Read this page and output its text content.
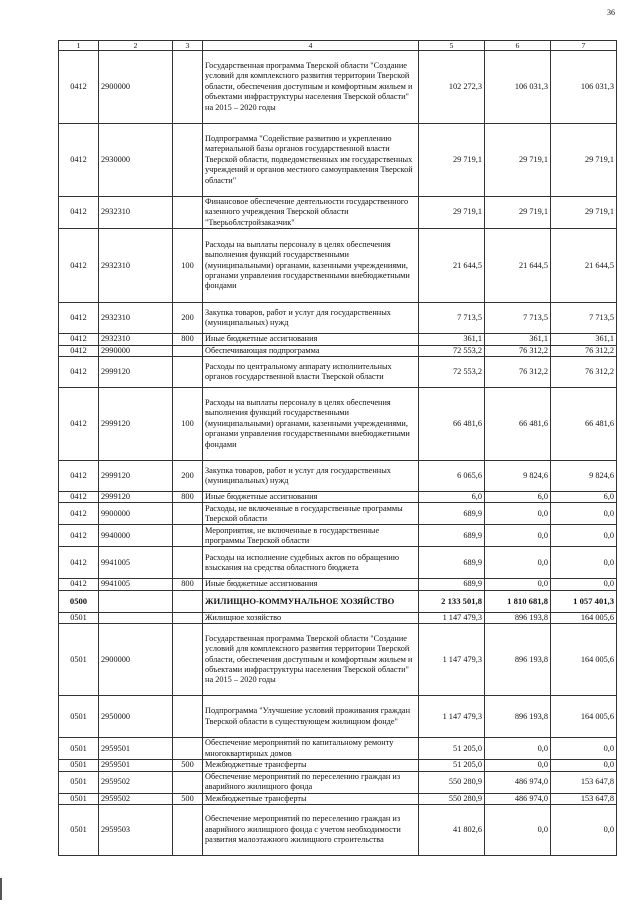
36
1	2	3	4	5	6	7
0412	2900000		Государственная программа Тверской области "Создание условий для комплексного развития территории Тверской области, обеспечения доступным и комфортным жильем и объектами инфраструктуры населения Тверской области" на 2015 – 2020 годы	102 272,3	106 031,3	106 031,3
0412	2930000		Подпрограмма "Содействие развитию и укреплению материальной базы органов государственной власти Тверской области, подведомственных им государственных учреждений и органов местного самоуправления Тверской области"	29 719,1	29 719,1	29 719,1
0412	2932310		Финансовое обеспечение деятельности государственного казенного учреждения Тверской области "Тверьоблстройзаказчик"	29 719,1	29 719,1	29 719,1
0412	2932310	100	Расходы на выплаты персоналу в целях обеспечения выполнения функций государственными (муниципальными) органами, казенными учреждениями, органами управления государственными внебюджетными фондами	21 644,5	21 644,5	21 644,5
0412	2932310	200	Закупка товаров, работ и услуг для государственных (муниципальных) нужд	7 713,5	7 713,5	7 713,5
0412	2932310	800	Иные бюджетные ассигнования	361,1	361,1	361,1
0412	2990000		Обеспечивающая подпрограмма	72 553,2	76 312,2	76 312,2
0412	2999120		Расходы по центральному аппарату исполнительных органов государственной власти Тверской области	72 553,2	76 312,2	76 312,2
0412	2999120	100	Расходы на выплаты персоналу в целях обеспечения выполнения функций государственными (муниципальными) органами, казенными учреждениями, органами управления государственными внебюджетными фондами	66 481,6	66 481,6	66 481,6
0412	2999120	200	Закупка товаров, работ и услуг для государственных (муниципальных) нужд	6 065,6	9 824,6	9 824,6
0412	2999120	800	Иные бюджетные ассигнования	6,0	6,0	6,0
0412	9900000		Расходы, не включенные в государственные программы Тверской области	689,9	0,0	0,0
0412	9940000		Мероприятия, не включенные в государственные программы Тверской области	689,9	0,0	0,0
0412	9941005		Расходы на исполнение судебных актов по обращению взыскания на средства областного бюджета	689,9	0,0	0,0
0412	9941005	800	Иные бюджетные ассигнования	689,9	0,0	0,0
0500			ЖИЛИЩНО-КОММУНАЛЬНОЕ ХОЗЯЙСТВО	2 133 501,8	1 810 681,8	1 057 401,3
0501			Жилищное хозяйство	1 147 479,3	896 193,8	164 005,6
0501	2900000		Государственная программа Тверской области "Создание условий для комплексного развития территории Тверской области, обеспечения доступным и комфортным жильем и объектами инфраструктуры населения Тверской области" на 2015 – 2020 годы	1 147 479,3	896 193,8	164 005,6
0501	2950000		Подпрограмма "Улучшение условий проживания граждан Тверской области в существующем жилищном фонде"	1 147 479,3	896 193,8	164 005,6
0501	2959501		Обеспечение мероприятий по капитальному ремонту многоквартирных домов	51 205,0	0,0	0,0
0501	2959501	500	Межбюджетные трансферты	51 205,0	0,0	0,0
0501	2959502		Обеспечение мероприятий по переселению граждан из аварийного жилищного фонда	550 280,9	486 974,0	153 647,8
0501	2959502	500	Межбюджетные трансферты	550 280,9	486 974,0	153 647,8
0501	2959503		Обеспечение мероприятий по переселению граждан из аварийного жилищного фонда с учетом необходимости развития малоэтажного жилищного строительства	41 802,6	0,0	0,0
